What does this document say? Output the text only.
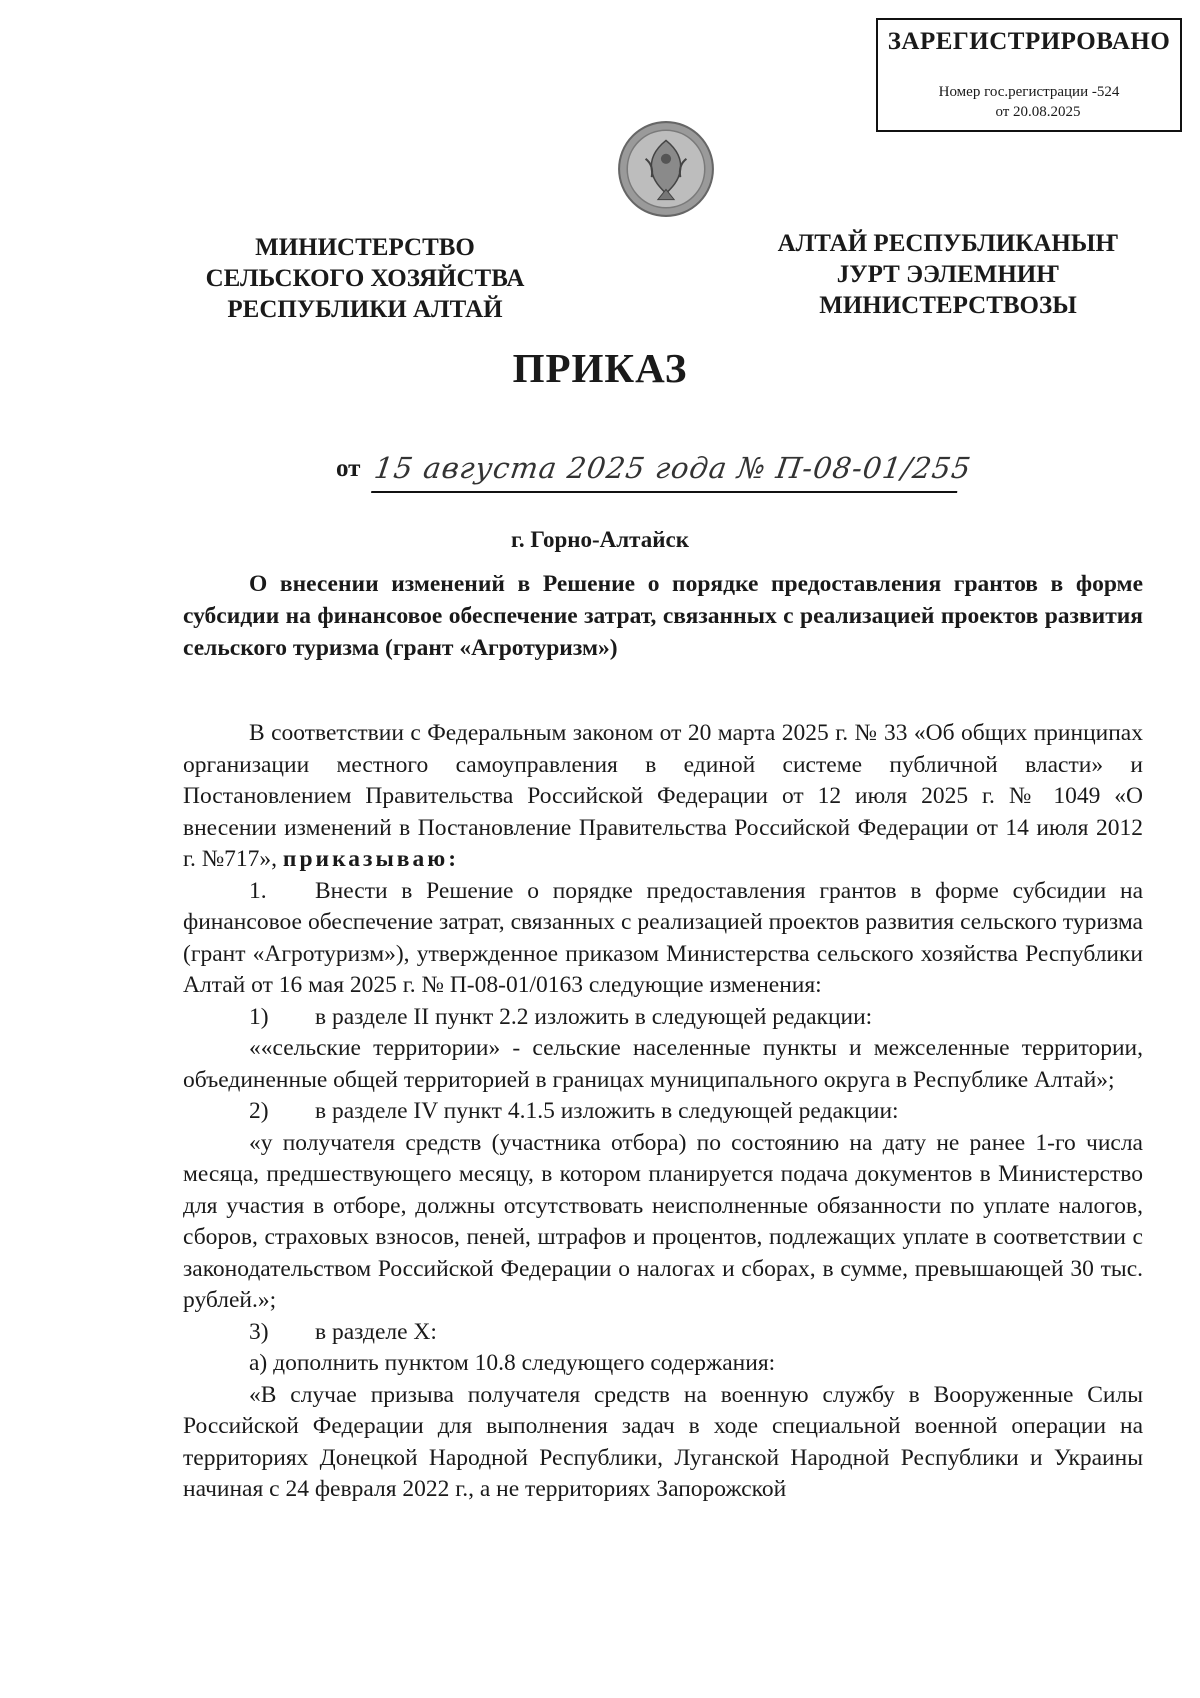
ЗАРЕГИСТРИРОВАНО
Номер гос.регистрации -524
от 20.08.2025
МИНИСТЕРСТВО
СЕЛЬСКОГО ХОЗЯЙСТВА
РЕСПУБЛИКИ АЛТАЙ
АЛТАЙ РЕСПУБЛИКАНЫҤ
ЈУРТ ЭЭЛЕМНИҤ
МИНИСТЕРСТВОЗЫ
ПРИКАЗ
от 15 августа 2025 года № П-08-01/255
г. Горно-Алтайск

О внесении изменений в Решение о порядке предоставления грантов в форме субсидии на финансовое обеспечение затрат, связанных с реализацией проектов развития сельского туризма (грант «Агротуризм»)

В соответствии с Федеральным законом от 20 марта 2025 г. № 33 «Об общих принципах организации местного самоуправления в единой системе публичной власти» и Постановлением Правительства Российской Федерации от 12 июля 2025 г. № 1049 «О внесении изменений в Постановление Правительства Российской Федерации от 14 июля 2012 г. №717», приказываю:

1. Внести в Решение о порядке предоставления грантов в форме субсидии на финансовое обеспечение затрат, связанных с реализацией проектов развития сельского туризма (грант «Агротуризм»), утвержденное приказом Министерства сельского хозяйства Республики Алтай от 16 мая 2025 г. № П-08-01/0163 следующие изменения:

1) в разделе II пункт 2.2 изложить в следующей редакции:

««сельские территории» - сельские населенные пункты и межселенные территории, объединенные общей территорией в границах муниципального округа в Республике Алтай»;

2) в разделе IV пункт 4.1.5 изложить в следующей редакции:

«у получателя средств (участника отбора) по состоянию на дату не ранее 1-го числа месяца, предшествующего месяцу, в котором планируется подача документов в Министерство для участия в отборе, должны отсутствовать неисполненные обязанности по уплате налогов, сборов, страховых взносов, пеней, штрафов и процентов, подлежащих уплате в соответствии с законодательством Российской Федерации о налогах и сборах, в сумме, превышающей 30 тыс. рублей.»;

3) в разделе X:

а) дополнить пунктом 10.8 следующего содержания:

«В случае призыва получателя средств на военную службу в Вооруженные Силы Российской Федерации для выполнения задач в ходе специальной военной операции на территориях Донецкой Народной Республики, Луганской Народной Республики и Украины начиная с 24 февраля 2022 г., а не территориях Запорожской
